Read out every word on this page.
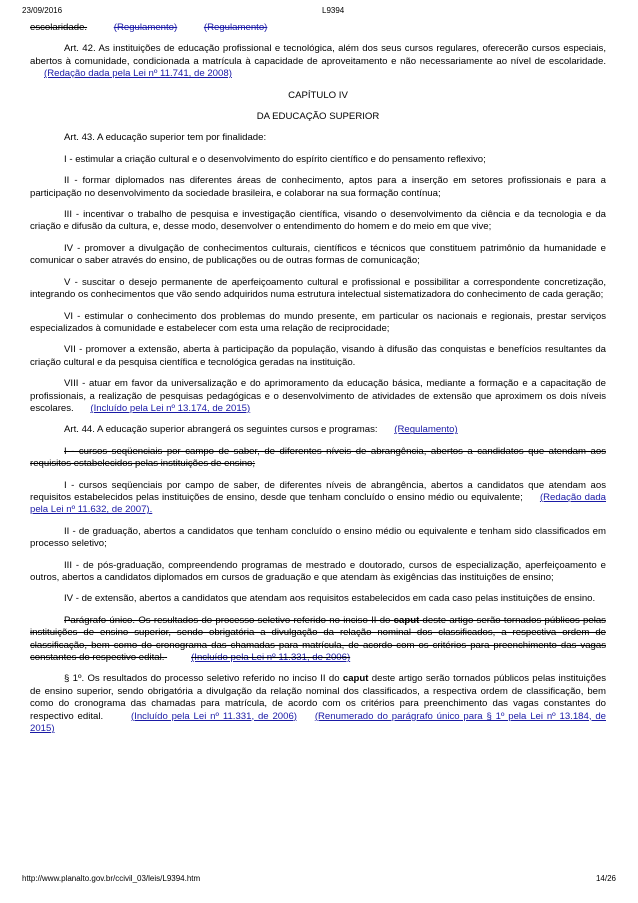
23/09/2016	L9394

escolaridade.	(Regulamento)	(Regulamento)

Art. 42. As instituições de educação profissional e tecnológica, além dos seus cursos regulares, oferecerão cursos especiais, abertos à comunidade, condicionada a matrícula à capacidade de aproveitamento e não necessariamente ao nível de escolaridade. (Redação dada pela Lei nº 11.741, de 2008)

CAPÍTULO IV

DA EDUCAÇÃO SUPERIOR

Art. 43. A educação superior tem por finalidade:

I - estimular a criação cultural e o desenvolvimento do espírito científico e do pensamento reflexivo;

II - formar diplomados nas diferentes áreas de conhecimento, aptos para a inserção em setores profissionais e para a participação no desenvolvimento da sociedade brasileira, e colaborar na sua formação contínua;

III - incentivar o trabalho de pesquisa e investigação científica, visando o desenvolvimento da ciência e da tecnologia e da criação e difusão da cultura, e, desse modo, desenvolver o entendimento do homem e do meio em que vive;

IV - promover a divulgação de conhecimentos culturais, científicos e técnicos que constituem patrimônio da humanidade e comunicar o saber através do ensino, de publicações ou de outras formas de comunicação;

V - suscitar o desejo permanente de aperfeiçoamento cultural e profissional e possibilitar a correspondente concretização, integrando os conhecimentos que vão sendo adquiridos numa estrutura intelectual sistematizadora do conhecimento de cada geração;

VI - estimular o conhecimento dos problemas do mundo presente, em particular os nacionais e regionais, prestar serviços especializados à comunidade e estabelecer com esta uma relação de reciprocidade;

VII - promover a extensão, aberta à participação da população, visando à difusão das conquistas e benefícios resultantes da criação cultural e da pesquisa científica e tecnológica geradas na instituição.

VIII - atuar em favor da universalização e do aprimoramento da educação básica, mediante a formação e a capacitação de profissionais, a realização de pesquisas pedagógicas e o desenvolvimento de atividades de extensão que aproximem os dois níveis escolares. (Incluído pela Lei nº 13.174, de 2015)

Art. 44. A educação superior abrangerá os seguintes cursos e programas: (Regulamento)

I - cursos seqüenciais por campo de saber, de diferentes níveis de abrangência, abertos a candidatos que atendam aos requisitos estabelecidos pelas instituições de ensino;

I - cursos seqüenciais por campo de saber, de diferentes níveis de abrangência, abertos a candidatos que atendam aos requisitos estabelecidos pelas instituições de ensino, desde que tenham concluído o ensino médio ou equivalente; (Redação dada pela Lei nº 11.632, de 2007).

II - de graduação, abertos a candidatos que tenham concluído o ensino médio ou equivalente e tenham sido classificados em processo seletivo;

III - de pós-graduação, compreendendo programas de mestrado e doutorado, cursos de especialização, aperfeiçoamento e outros, abertos a candidatos diplomados em cursos de graduação e que atendam às exigências das instituições de ensino;

IV - de extensão, abertos a candidatos que atendam aos requisitos estabelecidos em cada caso pelas instituições de ensino.

Parágrafo único. Os resultados do processo seletivo referido no inciso II do caput deste artigo serão tornados públicos pelas instituições de ensino superior, sendo obrigatória a divulgação da relação nominal dos classificados, a respectiva ordem de classificação, bem como do cronograma das chamadas para matrícula, de acordo com os critérios para preenchimento das vagas constantes do respectivo edital.	(Incluído pela Lei nº 11.331, de 2006)

§ 1º. Os resultados do processo seletivo referido no inciso II do caput deste artigo serão tornados públicos pelas instituições de ensino superior, sendo obrigatória a divulgação da relação nominal dos classificados, a respectiva ordem de classificação, bem como do cronograma das chamadas para matrícula, de acordo com os critérios para preenchimento das vagas constantes do respectivo edital.	(Incluído pela Lei nº 11.331, de 2006) (Renumerado do parágrafo único para § 1º pela Lei nº 13.184, de 2015)

http://www.planalto.gov.br/ccivil_03/leis/L9394.htm	14/26
